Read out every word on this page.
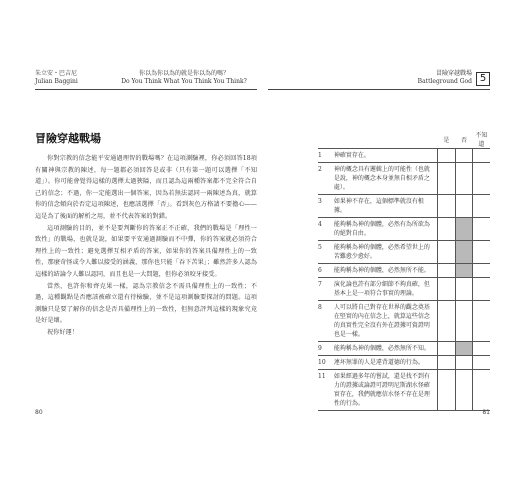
朱立安・巴吉尼
Julian Baggini
你以為你以為的就是你以為的嗎？
Do You Think What You Think You Think?
冒險穿越戰場

你對宗教的信念能平安通過理智的戰場嗎？在這項測驗裡，你必須回答18項有關神與宗教的陳述，每一題都必須回答是或非（只有第一題可以選擇「不知道」）。你可能會覺得這樣的選擇太過狹隘，而且認為這兩種答案都不完全符合自己的信念；不過，你一定能選出一個答案，因為若無法認同一兩陳述為真，就算你的信念傾向於否定這項陳述，也應該選擇「否」。看到灰色方格請不要擔心——這是為了後面的解析之用，並不代表答案的對錯。

這項測驗的目的，並不是要判斷你的答案正不正確，我們的戰場是「理性一致性」的戰場，也就是說，如果要平安通過測驗而不中彈，你的答案就必須符合理性上的一致性；避免選擇互相矛盾的答案，如果你的答案具備理性上的一致性，那麼奇怪或令人難以接受的涵義，那你也只能「吞下苦果」；雖然許多人認為這樣的結論令人難以認同，而且也是一大問題，但你必須咬牙接受。

當然，也許你和齊克果一樣，認為宗教信念不需具備理性上的一致性；不過，這種觀點是否應該被確立還有待檢驗，並不是這項測驗要探討的問題。這項測驗只是要了解你的信念是否具備理性上的一致性，但無意評判這樣的現象究竟是好是壞。

祝你好運！

80
冒險穿越戰場
Battleground God 5
		是	否	不知道
1	神確實存在。			
2	神的概念具有邏輯上的可能性（也就是說，神的概念本身並無自相矛盾之處）。			
3	如果神不存在，這個標準就沒有根據。			
4	能夠稱為神的個體，必然有為所欲為的絕對自由。			
5	能夠稱為神的個體，必然希望世上的苦難愈少愈好。			
6	能夠稱為神的個體，必然無所不能。			
7	演化論也許有部分細節不夠真確，但基本上是一項符合事實的理論。			
8	人可以將自己對存在世界的觀念奠基在堅實的內在信念上，就算這些信念的真實性完全沒有外在證據可資證明也是一樣。			
9	能夠稱為神的個體，必然無所不知。			
10	連坏無罪的人是違背道德的行為。			
11	如果經過多年的嘗試，還是找不到有力的證據或論證可證明尼斯湖水怪確實存在，我們就應信水怪不存在是理性的行為。			
81
